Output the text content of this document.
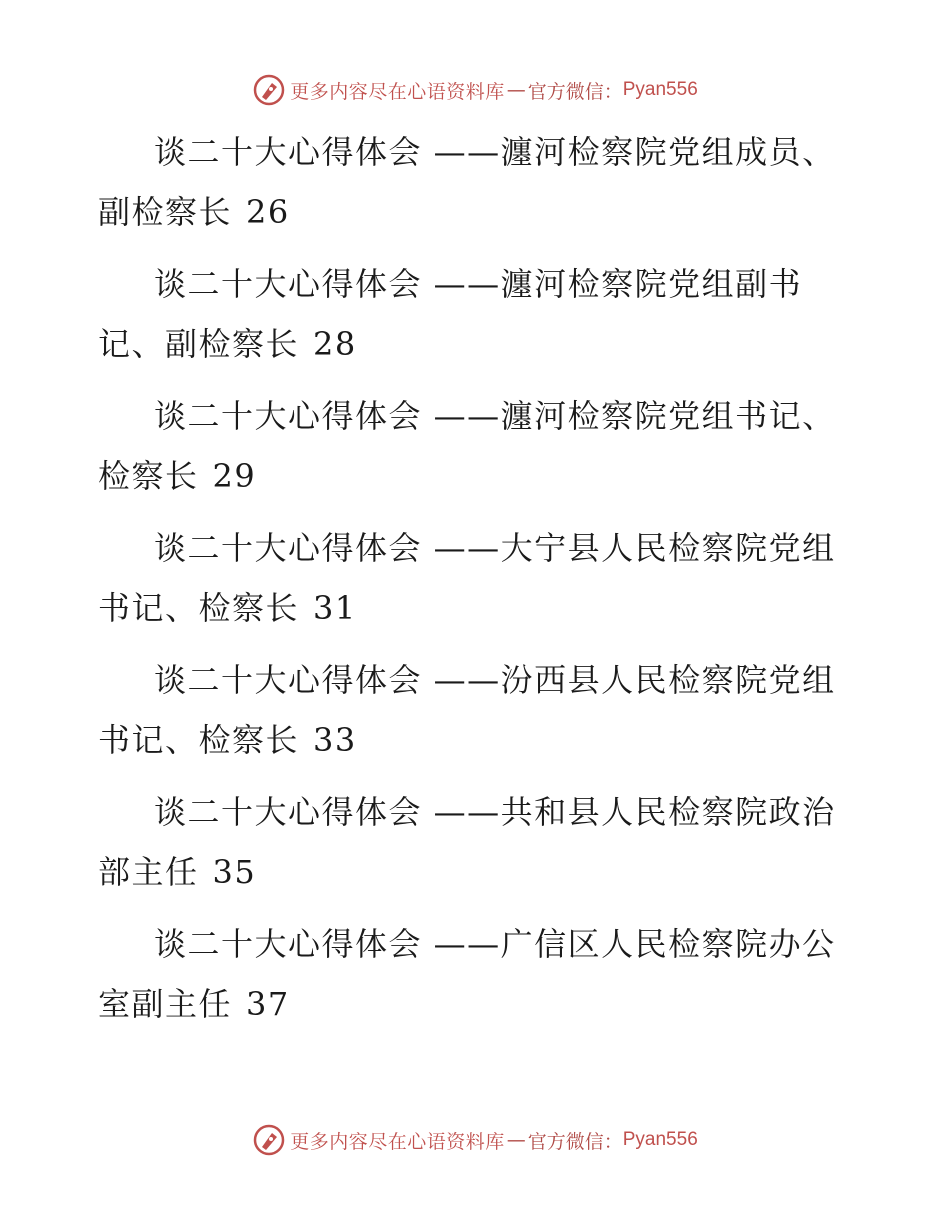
更多内容尽在心语资料库 — 官方微信： Pyan556
谈二十大心得体会 ——瀍河检察院党组成员、副检察长 26
谈二十大心得体会 ——瀍河检察院党组副书记、副检察长 28
谈二十大心得体会 ——瀍河检察院党组书记、检察长 29
谈二十大心得体会 ——大宁县人民检察院党组书记、检察长 31
谈二十大心得体会 ——汾西县人民检察院党组书记、检察长 33
谈二十大心得体会 ——共和县人民检察院政治部主任 35
谈二十大心得体会 ——广信区人民检察院办公室副主任 37
更多内容尽在心语资料库 — 官方微信： Pyan556
